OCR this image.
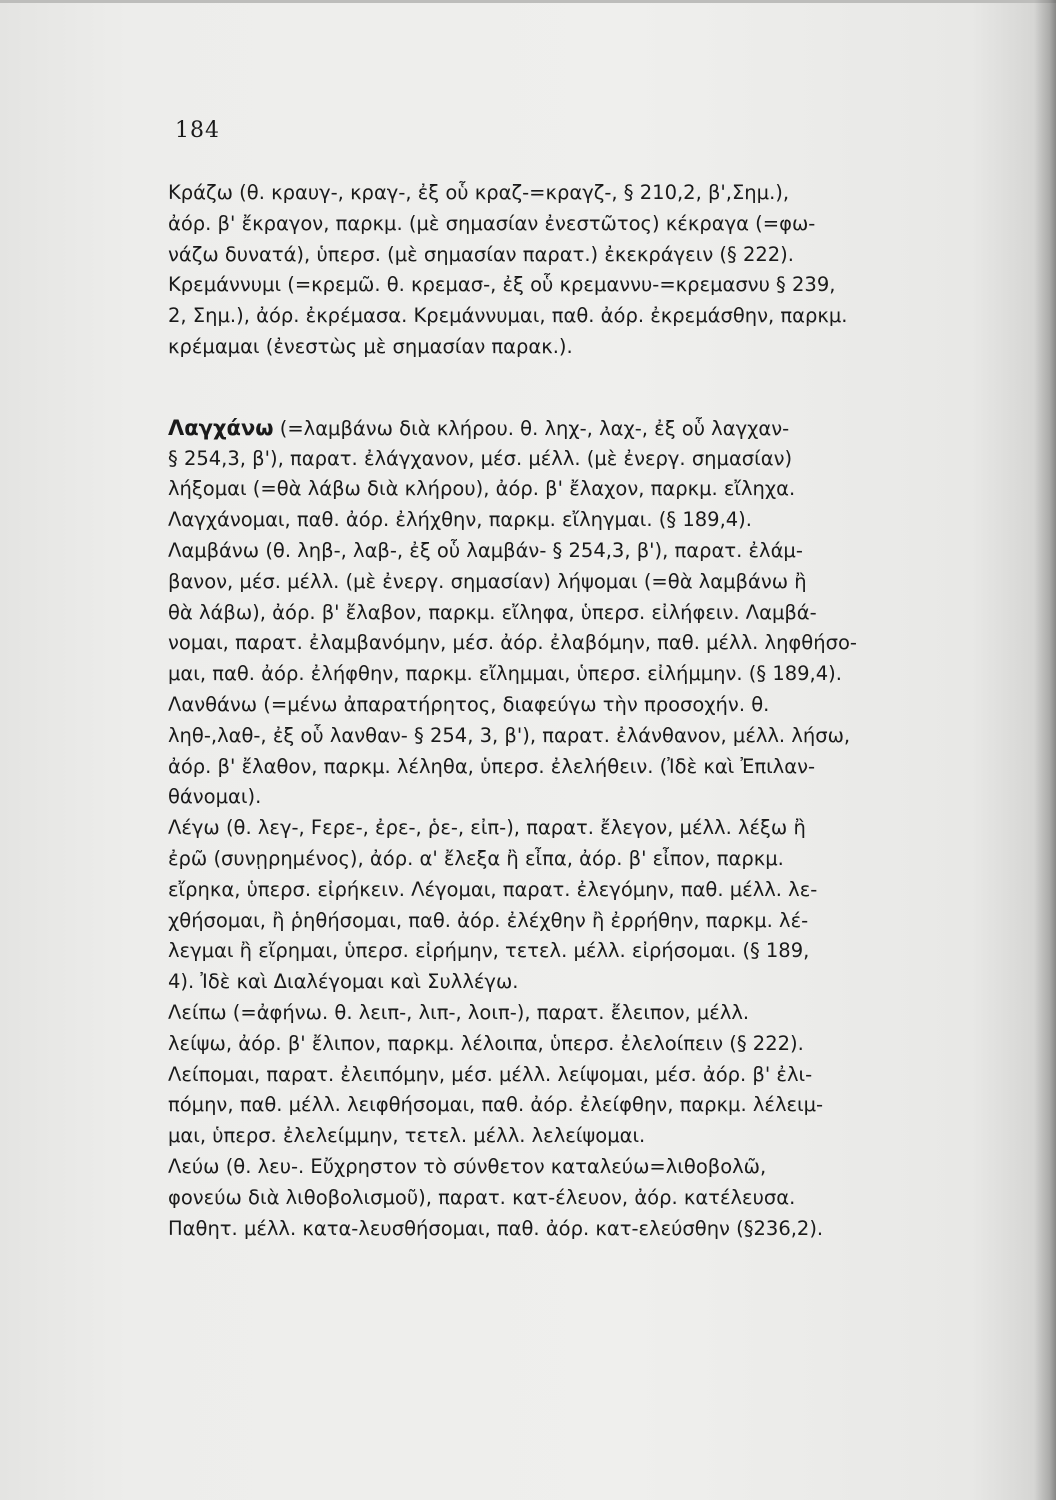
184
Κράζω (θ. κραυγ-, κραγ-, ἐξ οὗ κραζ-=κραγζ-, § 210,2, β',Σημ.),
ἀόρ. β' ἔκραγον, παρκμ. (μὲ σημασίαν ἐνεστῶτος) κέκραγα (=φω-
νάζω δυνατά), ὑπερσ. (μὲ σημασίαν παρατ.) ἐκεκράγειν (§ 222).
Κρεμάννυμι (=κρεμῶ. θ. κρεμασ-, ἐξ οὗ κρεμαννυ-=κρεμασνυ § 239,
2, Σημ.), ἀόρ. ἐκρέμασα. Κρεμάννυμαι, παθ. ἀόρ. ἐκρεμάσθην, παρκμ.
κρέμαμαι (ἐνεστὼς μὲ σημασίαν παρακ.).
Λαγχάνω (=λαμβάνω διὰ κλήρου. θ. ληχ-, λαχ-, ἐξ οὗ λαγχαν-
§ 254,3, β'), παρατ. ἐλάγχανον, μέσ. μέλλ. (μὲ ἐνεργ. σημασίαν)
λήξομαι (=θὰ λάβω διὰ κλήρου), ἀόρ. β' ἔλαχον, παρκμ. εἴληχα.
Λαγχάνομαι, παθ. ἀόρ. ἐλήχθην, παρκμ. εἴληγμαι. (§ 189,4).
Λαμβάνω (θ. ληβ-, λαβ-, ἐξ οὗ λαμβάν- § 254,3, β'), παρατ. ἐλάμ-
βανον, μέσ. μέλλ. (μὲ ἐνεργ. σημασίαν) λήψομαι (=θὰ λαμβάνω ἢ
θὰ λάβω), ἀόρ. β' ἔλαβον, παρκμ. εἴληφα, ὑπερσ. εἰλήφειν. Λαμβά-
νομαι, παρατ. ἐλαμβανόμην, μέσ. ἀόρ. ἐλαβόμην, παθ. μέλλ. ληφθήσο-
μαι, παθ. ἀόρ. ἐλήφθην, παρκμ. εἴλημμαι, ὑπερσ. εἰλήμμην. (§ 189,4).
Λανθάνω (=μένω ἀπαρατήρητος, διαφεύγω τὴν προσοχήν. θ.
ληθ-,λαθ-, ἐξ οὗ λανθαν- § 254, 3, β'), παρατ. ἐλάνθανον, μέλλ. λήσω,
ἀόρ. β' ἔλαθον, παρκμ. λέληθα, ὑπερσ. ἐλελήθειν. (Ἰδὲ καὶ Ἐπιλαν-
θάνομαι).
Λέγω (θ. λεγ-, Fερε-, ἐρε-, ῥε-, εἰπ-), παρατ. ἔλεγον, μέλλ. λέξω ἢ
ἐρῶ (συνῃρημένος), ἀόρ. α' ἔλεξα ἢ εἶπα, ἀόρ. β' εἶπον, παρκμ.
εἴρηκα, ὑπερσ. εἰρήκειν. Λέγομαι, παρατ. ἐλεγόμην, παθ. μέλλ. λε-
χθήσομαι, ἢ ῥηθήσομαι, παθ. ἀόρ. ἐλέχθην ἢ ἐρρήθην, παρκμ. λέ-
λεγμαι ἢ εἴρημαι, ὑπερσ. εἰρήμην, τετελ. μέλλ. εἰρήσομαι. (§ 189,
4). Ἰδὲ καὶ Διαλέγομαι καὶ Συλλέγω.
Λείπω (=ἀφήνω. θ. λειπ-, λιπ-, λοιπ-), παρατ. ἔλειπον, μέλλ.
λείψω, ἀόρ. β' ἔλιπον, παρκμ. λέλοιπα, ὑπερσ. ἐλελοίπειν (§ 222).
Λείπομαι, παρατ. ἐλειπόμην, μέσ. μέλλ. λείψομαι, μέσ. ἀόρ. β' ἐλι-
πόμην, παθ. μέλλ. λειφθήσομαι, παθ. ἀόρ. ἐλείφθην, παρκμ. λέλειμ-
μαι, ὑπερσ. ἐλελείμμην, τετελ. μέλλ. λελείψομαι.
Λεύω (θ. λευ-. Εὔχρηστον τὸ σύνθετον καταλεύω=λιθοβολῶ,
φονεύω διὰ λιθοβολισμοῦ), παρατ. κατ-έλευον, ἀόρ. κατέλευσα.
Παθητ. μέλλ. κατα-λευσθήσομαι, παθ. ἀόρ. κατ-ελεύσθην (§236,2).
